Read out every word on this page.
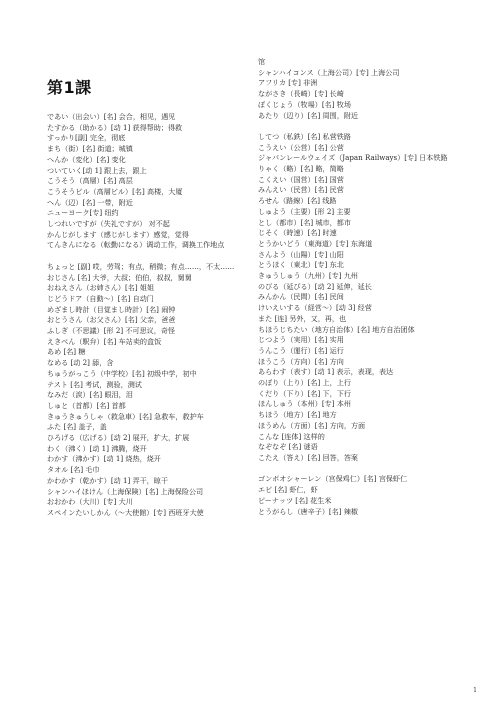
第1課
であい（出会い）[名] 会合，相见，遇见
たすかる（助かる）[动 1] 获得帮助；得救
すっかり[副] 完全，彻底
まち（街）[名] 街道；城镇
へんか（変化）[名] 变化
ついていく[动 1] 跟上去，跟上
こうそう（高層）[名] 高层
こうそうビル（高層ビル）[名] 高楼，大厦
へん（辺）[名] 一带，附近
ニューヨーク[专] 纽约
しつれいですが（失礼ですが） 对不起
かんじがします（感じがします）感觉，觉得
てんきんになる（転勤になる）调动工作，调换工作地点
ちょっと [副] 哎，劳驾；有点，稍微；有点……，不太……
おじさん [名] 大爷，大叔；伯伯，叔叔，舅舅
おねえさん（お姉さん）[名] 姐姐
じどうドア（自動～）[名] 自动门
めざまし時計（目覚まし時計）[名] 闹钟
おとうさん（お父さん）[名] 父亲，爸爸
ふしぎ（不思議）[形 2] 不可思议，奇怪
えきべん（駅弁）[名] 车站卖的盒饭
あめ [名] 糖
なめる [动 2] 舔，含
ちゅうがっこう（中学校）[名] 初级中学，初中
テスト [名] 考试，测验，测试
なみだ（涙）[名] 眼泪，泪
しゅと（首都）[名] 首都
きゅうきゅうしゃ（救急車）[名] 急救车，救护车
ふた [名] 盖子，盖
ひろげる（広げる）[动 2] 展开，扩大，扩展
わく（沸く）[动 1] 沸腾，烧开
わかす（沸かす）[动 1] 烧热，烧开
タオル [名] 毛巾
かわかす（乾かす）[动 1] 弄干，晾干
シャンハイほけん（上海保険）[名] 上海保险公司
おおかわ（大川）[专] 大川
スペインたいしかん（～大使館）[专] 西班牙大使
馆
シャンハイコンス（上海公司）[专] 上海公司
アフリカ [专] 非洲
ながさき（長崎）[专] 长崎
ぼくじょう（牧場）[名] 牧场
あたり（辺り）[名] 周围，附近
してつ（私鉄）[名] 私营铁路
こうえい（公営）[名] 公营
ジャパンレールウェイズ（Japan Railways）[专] 日本铁路
りゃく（略）[名] 略，简略
こくえい（国営）[名] 国营
みんえい（民営）[名] 民营
ろせん（路線）[名] 线路
しゅよう（主要）[形 2] 主要
とし（都市）[名] 城市，都市
じそく（時速）[名] 时速
とうかいどう（東海道）[专] 东海道
さんよう（山陽）[专] 山阳
とうほく（東北）[专] 东北
きゅうしゅう（九州）[专] 九州
のびる（延びる）[动 2] 延伸，延长
みんかん（民間）[名] 民间
けいえいする（経営～）[动 3] 经营
また [连] 另外，又，再，也
ちほうじちたい（地方自治体）[名] 地方自治团体
じつよう（実用）[名] 实用
うんこう（運行）[名] 运行
ほうこう（方向）[名] 方向
あらわす（表す）[动 1] 表示，表现，表达
のぼり（上り）[名] 上，上行
くだり（下り）[名] 下，下行
ほんしゅう（本州）[专] 本州
ちほう（地方）[名] 地方
ほうめん（方面）[名] 方向，方面
こんな [连体] 这样的
なぞなぞ [名] 谜语
こたえ（答え）[名] 回答，答案
ゴンボオシャーレン（宫保鸡仁）[名] 宫保虾仁
エビ [名] 虾仁，虾
ピーナッツ [名] 花生米
とうがらし（唐辛子）[名] 辣椒
1
